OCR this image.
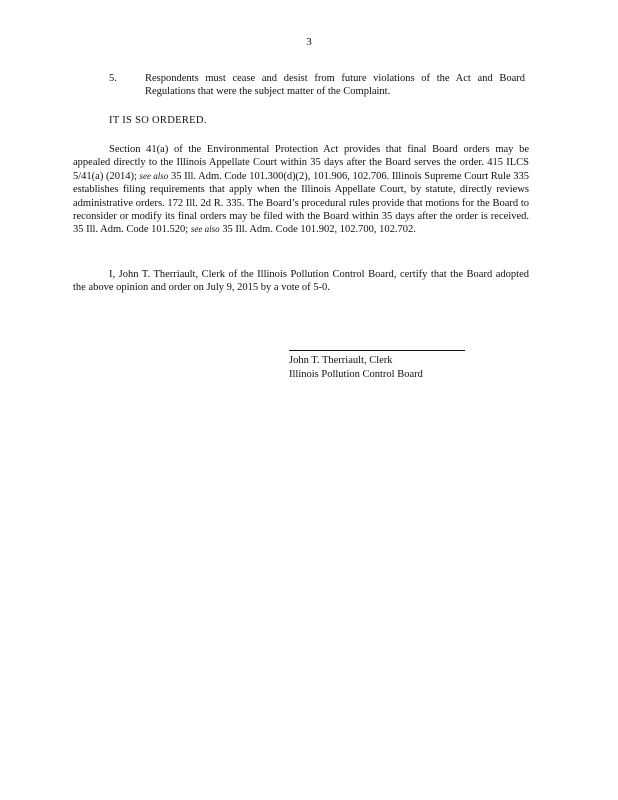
3
5.	Respondents must cease and desist from future violations of the Act and Board Regulations that were the subject matter of the Complaint.
IT IS SO ORDERED.
Section 41(a) of the Environmental Protection Act provides that final Board orders may be appealed directly to the Illinois Appellate Court within 35 days after the Board serves the order. 415 ILCS 5/41(a) (2014); see also 35 Ill. Adm. Code 101.300(d)(2), 101.906, 102.706. Illinois Supreme Court Rule 335 establishes filing requirements that apply when the Illinois Appellate Court, by statute, directly reviews administrative orders. 172 Ill. 2d R. 335. The Board’s procedural rules provide that motions for the Board to reconsider or modify its final orders may be filed with the Board within 35 days after the order is received. 35 Ill. Adm. Code 101.520; see also 35 Ill. Adm. Code 101.902, 102.700, 102.702.
I, John T. Therriault, Clerk of the Illinois Pollution Control Board, certify that the Board adopted the above opinion and order on July 9, 2015 by a vote of 5-0.
John T. Therriault, Clerk
Illinois Pollution Control Board
